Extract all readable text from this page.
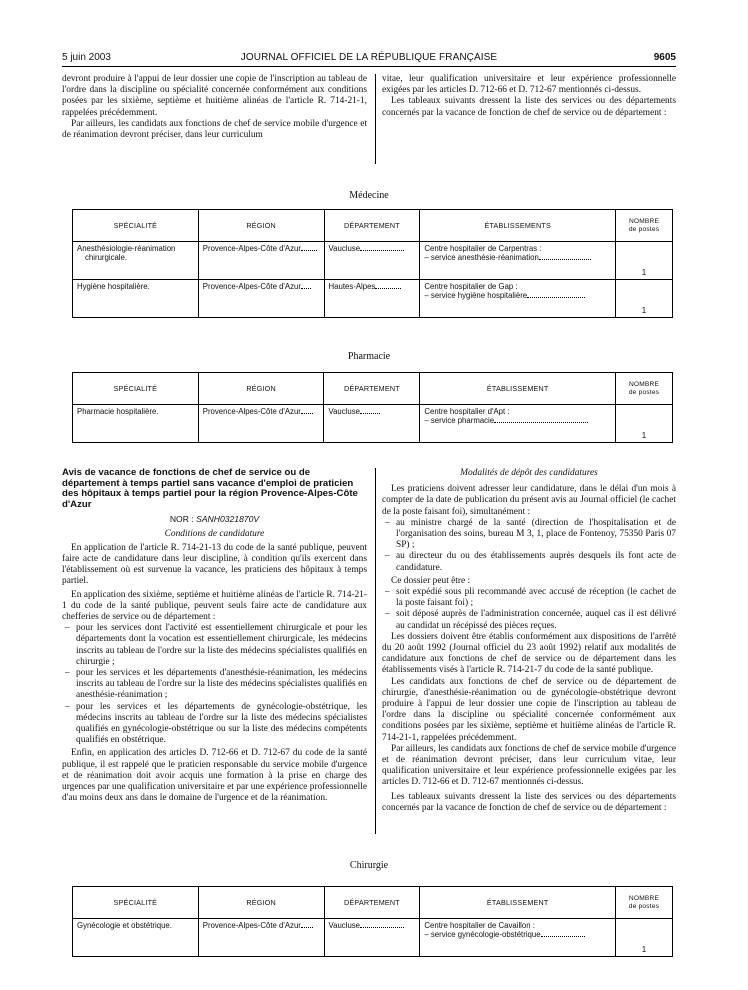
5 juin 2003	JOURNAL OFFICIEL DE LA RÉPUBLIQUE FRANÇAISE	9605

devront produire à l'appui de leur dossier une copie de l'inscription au tableau de l'ordre dans la discipline ou spécialité concernée conformément aux conditions posées par les sixième, septième et huitième alinéas de l'article R. 714-21-1, rappelées précédemment.

Par ailleurs, les candidats aux fonctions de chef de service mobile d'urgence et de réanimation devront préciser, dans leur curriculum

vitae, leur qualification universitaire et leur expérience professionnelle exigées par les articles D. 712-66 et D. 712-67 mentionnés ci-dessus.

Les tableaux suivants dressent la liste des services ou des départements concernés par la vacance de fonction de chef de service ou de département :

Médecine
SPÉCIALITÉ	RÉGION	DÉPARTEMENT	ÉTABLISSEMENTS	NOMBRE
de postes
Anesthésiologie-réanimation
chirurgicale.	Provence-Alpes-Côte d'Azur	Vaucluse	Centre hospitalier de Carpentras :
– service anesthésie-réanimation	1
Hygiène hospitalière.	Provence-Alpes-Côte d'Azur	Hautes-Alpes	Centre hospitalier de Gap :
– service hygiène hospitalière	1
Pharmacie
SPÉCIALITÉ	RÉGION	DÉPARTEMENT	ÉTABLISSEMENT	NOMBRE
de postes
Pharmacie hospitalière.	Provence-Alpes-Côte d'Azur	Vaucluse	Centre hospitalier d'Apt :
– service pharmacie	1

Avis de vacance de fonctions de chef de service ou de département à temps partiel sans vacance d'emploi de praticien des hôpitaux à temps partiel pour la région Provence-Alpes-Côte d'Azur

NOR : SANH0321870V

Conditions de candidature

En application de l'article R. 714-21-13 du code de la santé publique, peuvent faire acte de candidature dans leur discipline, à condition qu'ils exercent dans l'établissement où est survenue la vacance, les praticiens des hôpitaux à temps partiel.

En application des sixième, septième et huitième alinéas de l'article R. 714-21-1 du code de la santé publique, peuvent seuls faire acte de candidature aux chefferies de service ou de département :

– pour les services dont l'activité est essentiellement chirurgicale et pour les départements dont la vocation est essentiellement chirurgicale, les médecins inscrits au tableau de l'ordre sur la liste des médecins spécialistes qualifiés en chirurgie ;
– pour les services et les départements d'anesthésie-réanimation, les médecins inscrits au tableau de l'ordre sur la liste des médecins spécialistes qualifiés en anesthésie-réanimation ;
– pour les services et les départements de gynécologie-obstétrique, les médecins inscrits au tableau de l'ordre sur la liste des médecins spécialistes qualifiés en gynécologie-obstétrique ou sur la liste des médecins compétents qualifiés en obstétrique.

Enfin, en application des articles D. 712-66 et D. 712-67 du code de la santé publique, il est rappelé que le praticien responsable du service mobile d'urgence et de réanimation doit avoir acquis une formation à la prise en charge des urgences par une qualification universitaire et par une expérience professionnelle d'au moins deux ans dans le domaine de l'urgence et de la réanimation.

Modalités de dépôt des candidatures

Les praticiens doivent adresser leur candidature, dans le délai d'un mois à compter de la date de publication du présent avis au Journal officiel (le cachet de la poste faisant foi), simultanément :

– au ministre chargé de la santé (direction de l'hospitalisation et de l'organisation des soins, bureau M 3, 1, place de Fontenoy, 75350 Paris 07 SP) ;
– au directeur du ou des établissements auprès desquels ils font acte de candidature.

Ce dossier peut être :

– soit expédié sous pli recommandé avec accusé de réception (le cachet de la poste faisant foi) ;
– soit déposé auprès de l'administration concernée, auquel cas il est délivré au candidat un récépissé des pièces reçues.

Les dossiers doivent être établis conformément aux dispositions de l'arrêté du 20 août 1992 (Journal officiel du 23 août 1992) relatif aux modalités de candidature aux fonctions de chef de service ou de département dans les établissements visés à l'article R. 714-21-7 du code de la santé publique.

Les candidats aux fonctions de chef de service ou de département de chirurgie, d'anesthésie-réanimation ou de gynécologie-obstétrique devront produire à l'appui de leur dossier une copie de l'inscription au tableau de l'ordre dans la discipline ou spécialité concernée conformément aux conditions posées par les sixième, septième et huitième alinéas de l'article R. 714-21-1, rappelées précédemment.

Par ailleurs, les candidats aux fonctions de chef de service mobile d'urgence et de réanimation devront préciser, dans leur curriculum vitae, leur qualification universitaire et leur expérience professionnelle exigées par les articles D. 712-66 et D. 712-67 mentionnés ci-dessus.

Les tableaux suivants dressent la liste des services ou des départements concernés par la vacance de fonction de chef de service ou de département :

Chirurgie
SPÉCIALITÉ	RÉGION	DÉPARTEMENT	ÉTABLISSEMENT	NOMBRE
de postes
Gynécologie et obstétrique.	Provence-Alpes-Côte d'Azur	Vaucluse	Centre hospitalier de Cavaillon :
– service gynécologie-obstétrique	1
